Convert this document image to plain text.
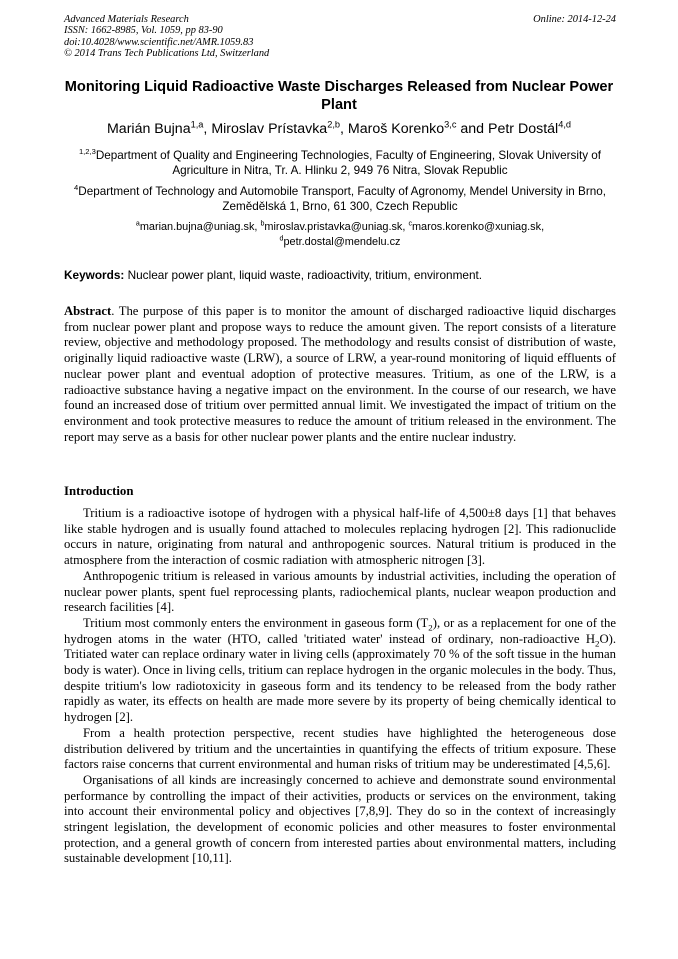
Advanced Materials Research
ISSN: 1662-8985, Vol. 1059, pp 83-90
doi:10.4028/www.scientific.net/AMR.1059.83
© 2014 Trans Tech Publications Ltd, Switzerland
Online: 2014-12-24
Monitoring Liquid Radioactive Waste Discharges Released from Nuclear Power Plant
Marián Bujna$^{1,a}$, Miroslav Prístavka$^{2,b}$, Maroš Korenko$^{3,c}$ and Petr Dostál$^{4,d}$
$^{1,2,3}$Department of Quality and Engineering Technologies, Faculty of Engineering, Slovak University of Agriculture in Nitra, Tr. A. Hlinku 2, 949 76 Nitra, Slovak Republic
$^4$Department of Technology and Automobile Transport, Faculty of Agronomy, Mendel University in Brno, Zemědělská 1, Brno, 61 300, Czech Republic
$^a$marian.bujna@uniag.sk, $^b$miroslav.pristavka@uniag.sk, $^c$maros.korenko@xuniag.sk,
$^d$petr.dostal@mendelu.cz
Keywords: Nuclear power plant, liquid waste, radioactivity, tritium, environment.
Abstract. The purpose of this paper is to monitor the amount of discharged radioactive liquid discharges from nuclear power plant and propose ways to reduce the amount given. The report consists of a literature review, objective and methodology proposed. The methodology and results consist of distribution of waste, originally liquid radioactive waste (LRW), a source of LRW, a year-round monitoring of liquid effluents of nuclear power plant and eventual adoption of protective measures. Tritium, as one of the LRW, is a radioactive substance having a negative impact on the environment. In the course of our research, we have found an increased dose of tritium over permitted annual limit. We investigated the impact of tritium on the environment and took protective measures to reduce the amount of tritium released in the environment. The report may serve as a basis for other nuclear power plants and the entire nuclear industry.
Introduction

Tritium is a radioactive isotope of hydrogen with a physical half-life of 4,500±8 days [1] that behaves like stable hydrogen and is usually found attached to molecules replacing hydrogen [2]. This radionuclide occurs in nature, originating from natural and anthropogenic sources. Natural tritium is produced in the atmosphere from the interaction of cosmic radiation with atmospheric nitrogen [3].

Anthropogenic tritium is released in various amounts by industrial activities, including the operation of nuclear power plants, spent fuel reprocessing plants, radiochemical plants, nuclear weapon production and research facilities [4].

Tritium most commonly enters the environment in gaseous form $(T_2)$, or as a replacement for one of the hydrogen atoms in the water (HTO, called 'tritiated water' instead of ordinary, non-radioactive $H_2O$). Tritiated water can replace ordinary water in living cells (approximately 70 % of the soft tissue in the human body is water). Once in living cells, tritium can replace hydrogen in the organic molecules in the body. Thus, despite tritium's low radiotoxicity in gaseous form and its tendency to be released from the body rather rapidly as water, its effects on health are made more severe by its property of being chemically identical to hydrogen [2].

From a health protection perspective, recent studies have highlighted the heterogeneous dose distribution delivered by tritium and the uncertainties in quantifying the effects of tritium exposure. These factors raise concerns that current environmental and human risks of tritium may be underestimated [4,5,6].

Organisations of all kinds are increasingly concerned to achieve and demonstrate sound environmental performance by controlling the impact of their activities, products or services on the environment, taking into account their environmental policy and objectives [7,8,9]. They do so in the context of increasingly stringent legislation, the development of economic policies and other measures to foster environmental protection, and a general growth of concern from interested parties about environmental matters, including sustainable development [10,11].
